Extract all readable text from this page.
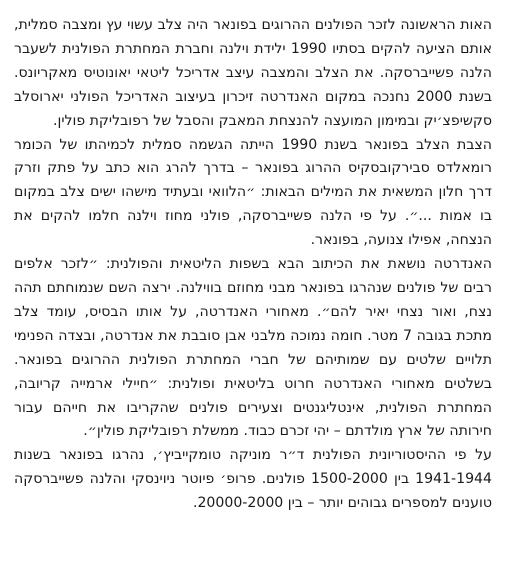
האות הראשונה לזכר הפולנים ההרוגים בפונאר היה צלב עשוי עץ ומצבה סמלית, אותם הציעה להקים בסתיו 1990 ילידת וילנה וחברת המחתרת הפולנית לשעבר הלנה פשייברסקה. את הצלב והמצבה עיצב אדריכל ליטאי יאונוטיס מאקריונס. בשנת 2000 נחנכה במקום האנדרטה זיכרון בעיצוב האדריכל הפולני יארוסלב סקשיפצ׳יק ובמימון המועצה להנצחת המאבק והסבל של רפובליקת פולין.

הצבת הצלב בפונאר בשנת 1990 הייתה הגשמה סמלית לכמיהתו של הכומר רומאלדס סבירקובסקיס ההרוג בפונאר – בדרך להרג הוא כתב על פתק וזרק דרך חלון המשאית את המילים הבאות: ״הלוואי ובעתיד מישהו ישים צלב במקום בו אמות ...״. על פי הלנה פשייברסקה, פולני מחוז וילנה חלמו להקים את הנצחה, אפילו צנועה, בפונאר.

האנדרטה נושאת את הכיתוב הבא בשפות הליטאית והפולנית: ״לזכר אלפים רבים של פולנים שנהרגו בפונאר מבני מחוזם בווילנה. ירצה השם שנמוחתם תהה נצח, ואור נצחי יאיר להם״. מאחורי האנדרטה, על אותו הבסיס, עומד צלב מתכת בגובה 7 מטר. חומה נמוכה מלבני אבן סובבת את אנדרטה, ובצדה הפנימי תלויים שלטים עם שמותיהם של חברי המחתרת הפולנית ההרוגים בפונאר. בשלטים מאחורי האנדרטה חרוט בליטאית ופולנית: ״חיילי ארמייה קריובה, המחתרת הפולנית, אינטליגנטים וצעירים פולנים שהקריבו את חייהם עבור חירותה של ארץ מולדתם – יהי זכרם כבוד. ממשלת רפובליקת פולין״.

על פי ההיסטוריונית הפולנית ד״ר מוניקה טומקייביץ׳, נהרגו בפונאר בשנות 1941-1944 בין 1500-2000 פולנים. פרופ׳ פיוטר ניוינסקי והלנה פשייברסקה טוענים למספרים גבוהים יותר – בין 20000-2000.
